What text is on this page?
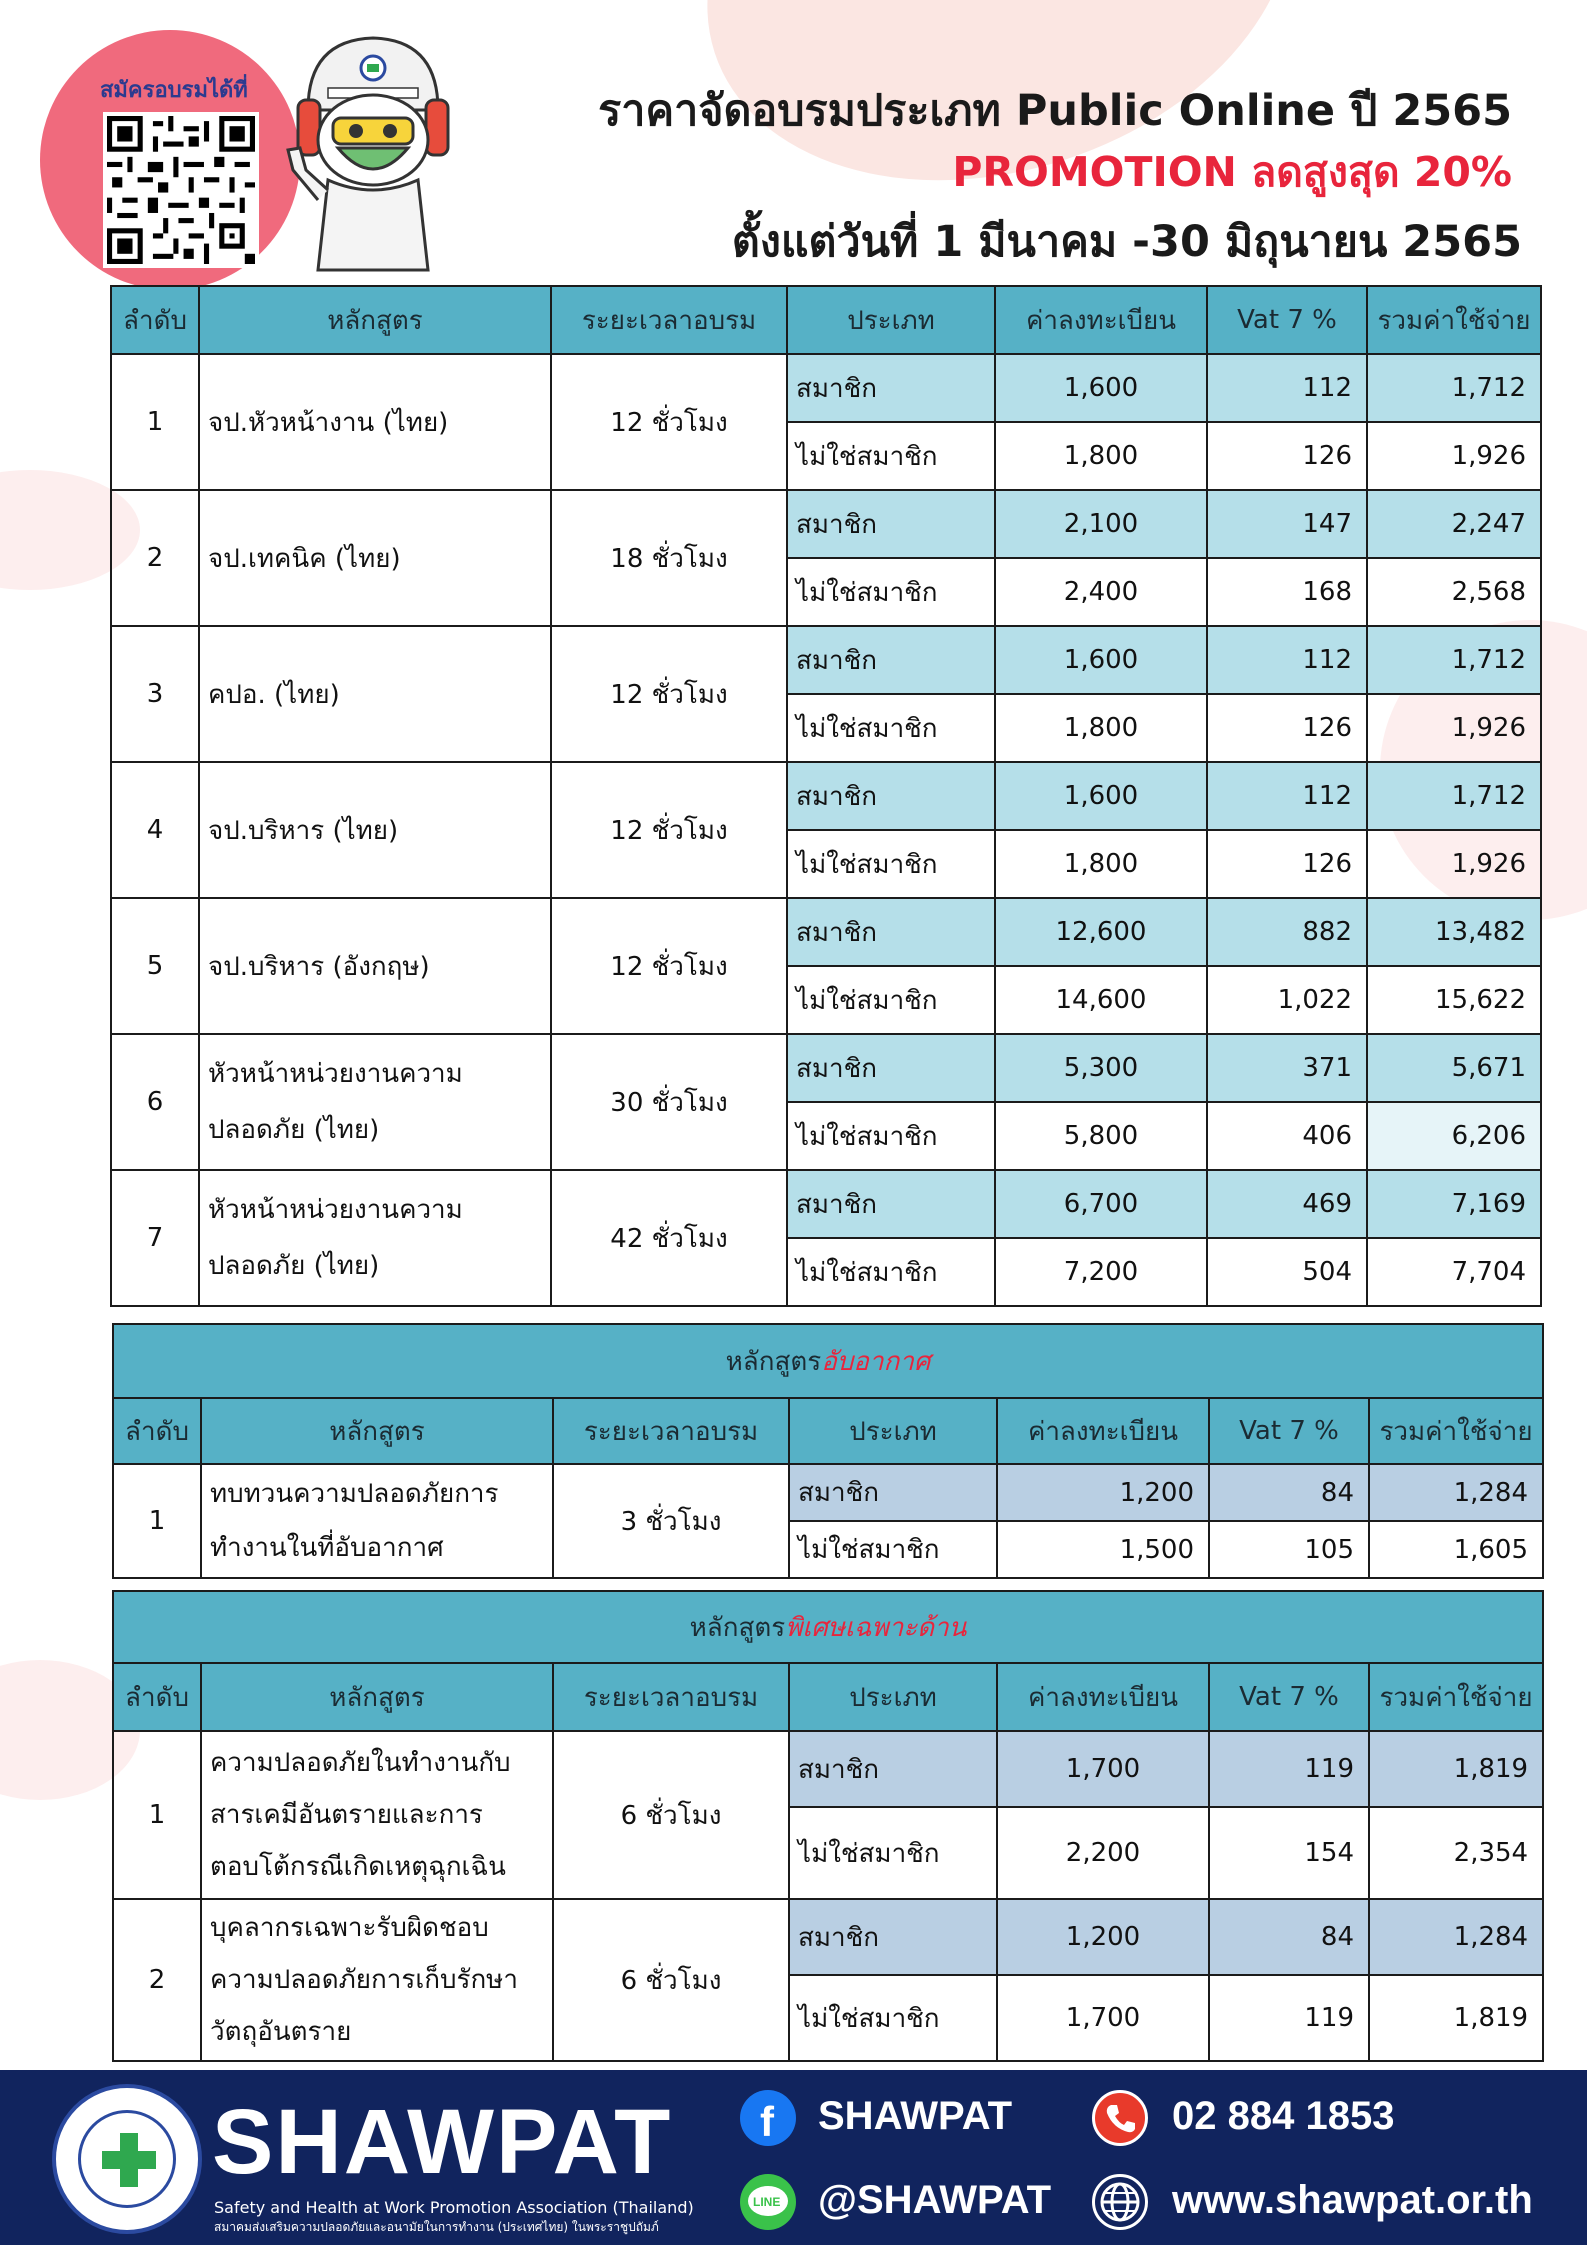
สมัครอบรมได้ที่	ราคาจัดอบรมประเภท Public Online ปี 2565
PROMOTION ลดสูงสุด 20%
ตั้งแต่วันที่ 1 มีนาคม -30 มิถุนายน 2565
ลำดับ	หลักสูตร	ระยะเวลาอบรม	ประเภท	ค่าลงทะเบียน	Vat 7 %	รวมค่าใช้จ่าย
1	จป.หัวหน้างาน (ไทย)	12 ชั่วโมง	สมาชิก	1,600	112	1,712
			ไม่ใช่สมาชิก	1,800	126	1,926
2	จป.เทคนิค (ไทย)	18 ชั่วโมง	สมาชิก	2,100	147	2,247
			ไม่ใช่สมาชิก	2,400	168	2,568
3	คปอ. (ไทย)	12 ชั่วโมง	สมาชิก	1,600	112	1,712
			ไม่ใช่สมาชิก	1,800	126	1,926
4	จป.บริหาร (ไทย)	12 ชั่วโมง	สมาชิก	1,600	112	1,712
			ไม่ใช่สมาชิก	1,800	126	1,926
5	จป.บริหาร (อังกฤษ)	12 ชั่วโมง	สมาชิก	12,600	882	13,482
			ไม่ใช่สมาชิก	14,600	1,022	15,622
6	หัวหน้าหน่วยงานความปลอดภัย (ไทย)	30 ชั่วโมง	สมาชิก	5,300	371	5,671
			ไม่ใช่สมาชิก	5,800	406	6,206
7	หัวหน้าหน่วยงานความปลอดภัย (ไทย)	42 ชั่วโมง	สมาชิก	6,700	469	7,169
			ไม่ใช่สมาชิก	7,200	504	7,704
หลักสูตรอับอากาศ						
ลำดับ	หลักสูตร	ระยะเวลาอบรม	ประเภท	ค่าลงทะเบียน	Vat 7 %	รวมค่าใช้จ่าย
1	ทบทวนความปลอดภัยการทำงานในที่อับอากาศ	3 ชั่วโมง	สมาชิก	1,200	84	1,284
			ไม่ใช่สมาชิก	1,500	105	1,605
หลักสูตรพิเศษเฉพาะด้าน						
ลำดับ	หลักสูตร	ระยะเวลาอบรม	ประเภท	ค่าลงทะเบียน	Vat 7 %	รวมค่าใช้จ่าย
1	ความปลอดภัยในทำงานกับสารเคมีอันตรายและการตอบโต้กรณีเกิดเหตุฉุกเฉิน	6 ชั่วโมง	สมาชิก	1,700	119	1,819
			ไม่ใช่สมาชิก	2,200	154	2,354
2	บุคลากรเฉพาะรับผิดชอบความปลอดภัยการเก็บรักษาวัตถุอันตราย	6 ชั่วโมง	สมาชิก	1,200	84	1,284
			ไม่ใช่สมาชิก	1,700	119	1,819
SHAWPAT
Safety and Health at Work Promotion Association (Thailand)
สมาคมส่งเสริมความปลอดภัยและอนามัยในการทำงาน (ประเทศไทย) ในพระราชูปถัมภ์
f SHAWPAT
LINE @SHAWPAT
02 884 1853
www.shawpat.or.th
